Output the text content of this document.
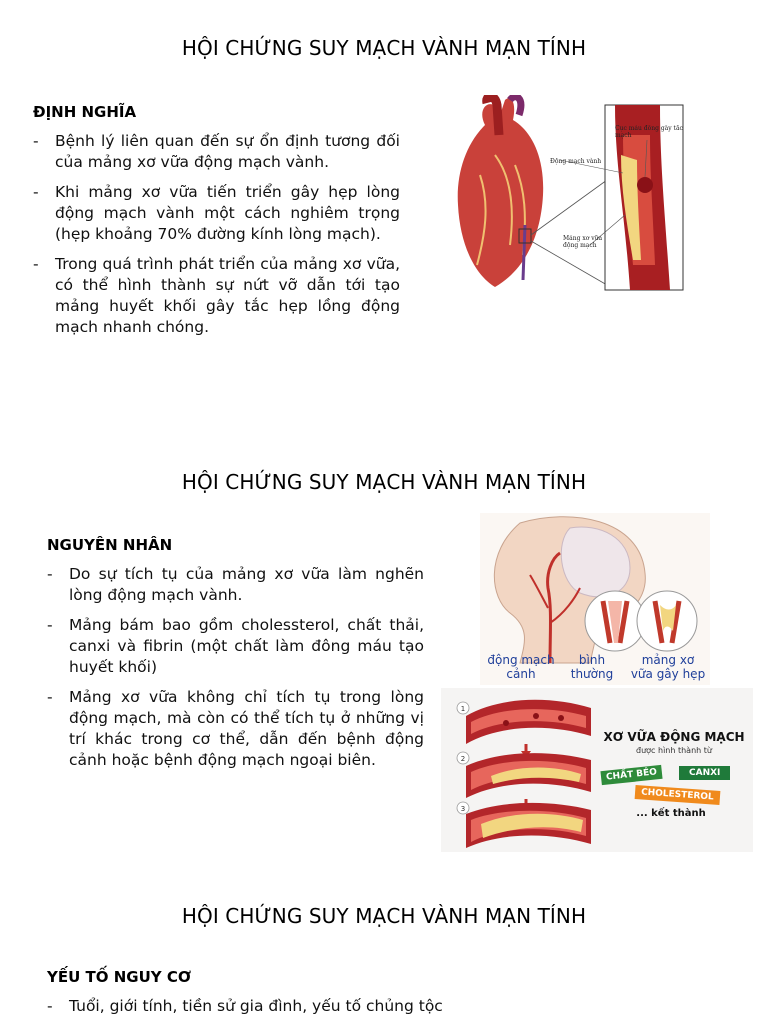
HỘI CHỨNG SUY MẠCH VÀNH MẠN TÍNH
ĐỊNH NGHĨA
- Bệnh lý liên quan đến sự ổn định tương đối của mảng xơ vữa động mạch vành.
- Khi mảng xơ vữa tiến triển gây hẹp lòng động mạch vành một cách nghiêm trọng (hẹp khoảng 70% đường kính lòng mạch).
- Trong quá trình phát triển của mảng xơ vữa, có thể hình thành sự nứt vỡ dẫn tới tạo mảng huyết khối gây tắc hẹp lồng động mạch nhanh chóng.
Động mạch vành
Cục máu đông gây tắc mạch
Mảng xơ vữa động mạch
HỘI CHỨNG SUY MẠCH VÀNH MẠN TÍNH
NGUYÊN NHÂN
- Do sự tích tụ của mảng xơ vữa làm nghẽn lòng động mạch vành.
- Mảng bám bao gồm cholessterol, chất thải, canxi và fibrin (một chất làm đông máu tạo huyết khối)
- Mảng xơ vữa không chỉ tích tụ trong lòng động mạch, mà còn có thể tích tụ ở những vị trí khác trong cơ thể, dẫn đến bệnh động cảnh hoặc bệnh động mạch ngoại biên.
động mạch
cảnh
bình
thường
mảng xơ
vữa gây hẹp
1
2
3
XƠ VỮA ĐỘNG MẠCH
được hình thành từ
CHẤT BÉO	CANXI
CHOLESTEROL
... kết thành
HỘI CHỨNG SUY MẠCH VÀNH MẠN TÍNH
YẾU TỐ NGUY CƠ
- Tuổi, giới tính, tiền sử gia đình, yếu tố chủng tộc
